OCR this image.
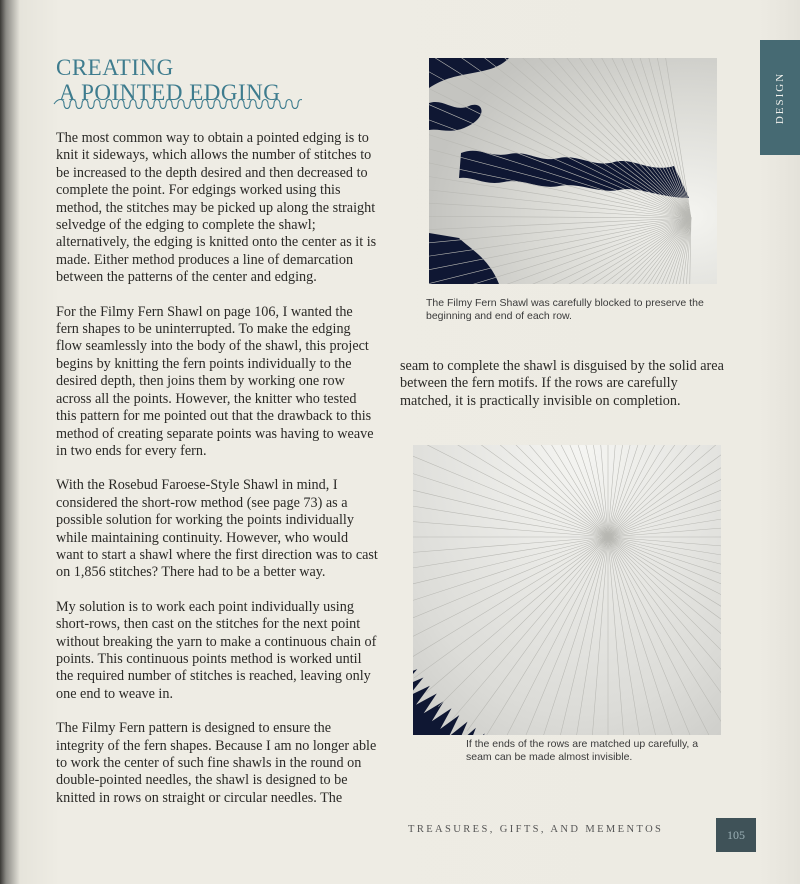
DESIGN
CREATING
A POINTED EDGING

The most common way to obtain a pointed edging is to knit it sideways, which allows the number of stitches to be increased to the depth desired and then decreased to complete the point. For edgings worked using this method, the stitches may be picked up along the straight selvedge of the edging to complete the shawl; alternatively, the edging is knitted onto the center as it is made. Either method produces a line of demarcation between the patterns of the center and edging.

For the Filmy Fern Shawl on page 106, I wanted the fern shapes to be uninterrupted. To make the edging flow seamlessly into the body of the shawl, this project begins by knitting the fern points individually to the desired depth, then joins them by working one row across all the points. However, the knitter who tested this pattern for me pointed out that the drawback to this method of creating separate points was having to weave in two ends for every fern.

With the Rosebud Faroese-Style Shawl in mind, I considered the short-row method (see page 73) as a possible solution for working the points individually while maintaining continuity. However, who would want to start a shawl where the first direction was to cast on 1,856 stitches? There had to be a better way.

My solution is to work each point individually using short-rows, then cast on the stitches for the next point without breaking the yarn to make a continuous chain of points. This continuous points method is worked until the required number of stitches is reached, leaving only one end to weave in.

The Filmy Fern pattern is designed to ensure the integrity of the fern shapes. Because I am no longer able to work the center of such fine shawls in the round on double-pointed needles, the shawl is designed to be knitted in rows on straight or circular needles. The

The Filmy Fern Shawl was carefully blocked to preserve the beginning and end of each row.

seam to complete the shawl is disguised by the solid area between the fern motifs. If the rows are carefully matched, it is practically invisible on completion.

If the ends of the rows are matched up carefully, a seam can be made almost invisible.
TREASURES, GIFTS, AND MEMENTOS	105
